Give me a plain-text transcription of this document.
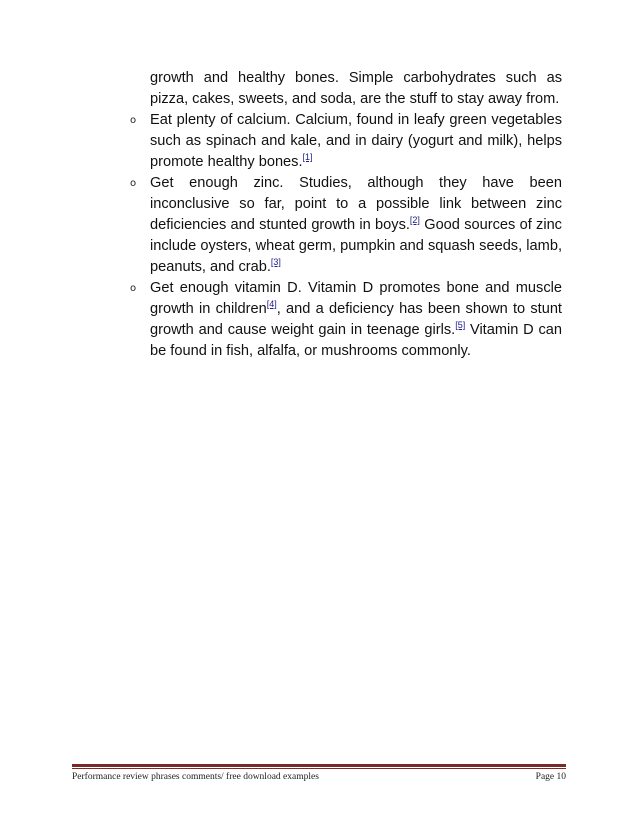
growth and healthy bones. Simple carbohydrates such as pizza, cakes, sweets, and soda, are the stuff to stay away from.

o Eat plenty of calcium. Calcium, found in leafy green vegetables such as spinach and kale, and in dairy (yogurt and milk), helps promote healthy bones.[1]
o Get enough zinc. Studies, although they have been inconclusive so far, point to a possible link between zinc deficiencies and stunted growth in boys.[2] Good sources of zinc include oysters, wheat germ, pumpkin and squash seeds, lamb, peanuts, and crab.[3]
o Get enough vitamin D. Vitamin D promotes bone and muscle growth in children[4], and a deficiency has been shown to stunt growth and cause weight gain in teenage girls.[5] Vitamin D can be found in fish, alfalfa, or mushrooms commonly.
Performance review phrases comments/ free download examples	Page 10
